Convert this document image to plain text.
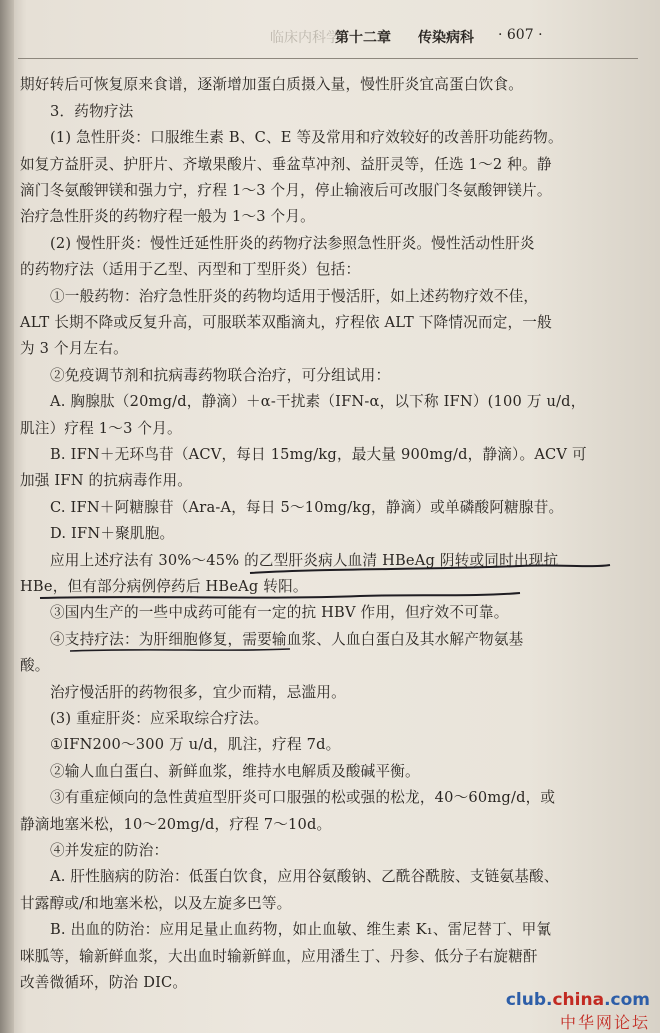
临床内科学
第十二章 传染病科 · 607 ·
期好转后可恢复原来食谱，逐渐增加蛋白质摄入量，慢性肝炎宜高蛋白饮食。
3．药物疗法
(1) 急性肝炎：口服维生素 B、C、E 等及常用和疗效较好的改善肝功能药物。
如复方益肝灵、护肝片、齐墩果酸片、垂盆草冲剂、益肝灵等，任选 1～2 种。静
滴门冬氨酸钾镁和强力宁，疗程 1～3 个月，停止输液后可改服门冬氨酸钾镁片。
治疗急性肝炎的药物疗程一般为 1～3 个月。
(2) 慢性肝炎：慢性迁延性肝炎的药物疗法参照急性肝炎。慢性活动性肝炎
的药物疗法（适用于乙型、丙型和丁型肝炎）包括：
①一般药物：治疗急性肝炎的药物均适用于慢活肝，如上述药物疗效不佳，
ALT 长期不降或反复升高，可服联苯双酯滴丸，疗程依 ALT 下降情况而定，一般
为 3 个月左右。
②免疫调节剂和抗病毒药物联合治疗，可分组试用：
A. 胸腺肽（20mg/d，静滴）＋α-干扰素（IFN-α，以下称 IFN）(100 万 u/d，
肌注）疗程 1～3 个月。
B. IFN＋无环鸟苷（ACV，每日 15mg/kg，最大量 900mg/d，静滴）。ACV 可
加强 IFN 的抗病毒作用。
C. IFN＋阿糖腺苷（Ara-A，每日 5～10mg/kg，静滴）或单磷酸阿糖腺苷。
D. IFN＋聚肌胞。
应用上述疗法有 30%～45% 的乙型肝炎病人血清 HBeAg 阴转或同时出现抗
HBe，但有部分病例停药后 HBeAg 转阳。
③国内生产的一些中成药可能有一定的抗 HBV 作用，但疗效不可靠。
④支持疗法：为肝细胞修复，需要输血浆、人血白蛋白及其水解产物氨基
酸。
治疗慢活肝的药物很多，宜少而精，忌滥用。
(3) 重症肝炎：应采取综合疗法。
①IFN200～300 万 u/d，肌注，疗程 7d。
②输人血白蛋白、新鲜血浆，维持水电解质及酸碱平衡。
③有重症倾向的急性黄疸型肝炎可口服强的松或强的松龙，40～60mg/d，或
静滴地塞米松，10～20mg/d，疗程 7～10d。
④并发症的防治：
A. 肝性脑病的防治：低蛋白饮食，应用谷氨酸钠、乙酰谷酰胺、支链氨基酸、
甘露醇或/和地塞米松，以及左旋多巴等。
B. 出血的防治：应用足量止血药物，如止血敏、维生素 K₁、雷尼替丁、甲氰
咪胍等，输新鲜血浆，大出血时输新鲜血，应用潘生丁、丹参、低分子右旋糖酐
改善微循环，防治 DIC。
club.china.com
中华网论坛
